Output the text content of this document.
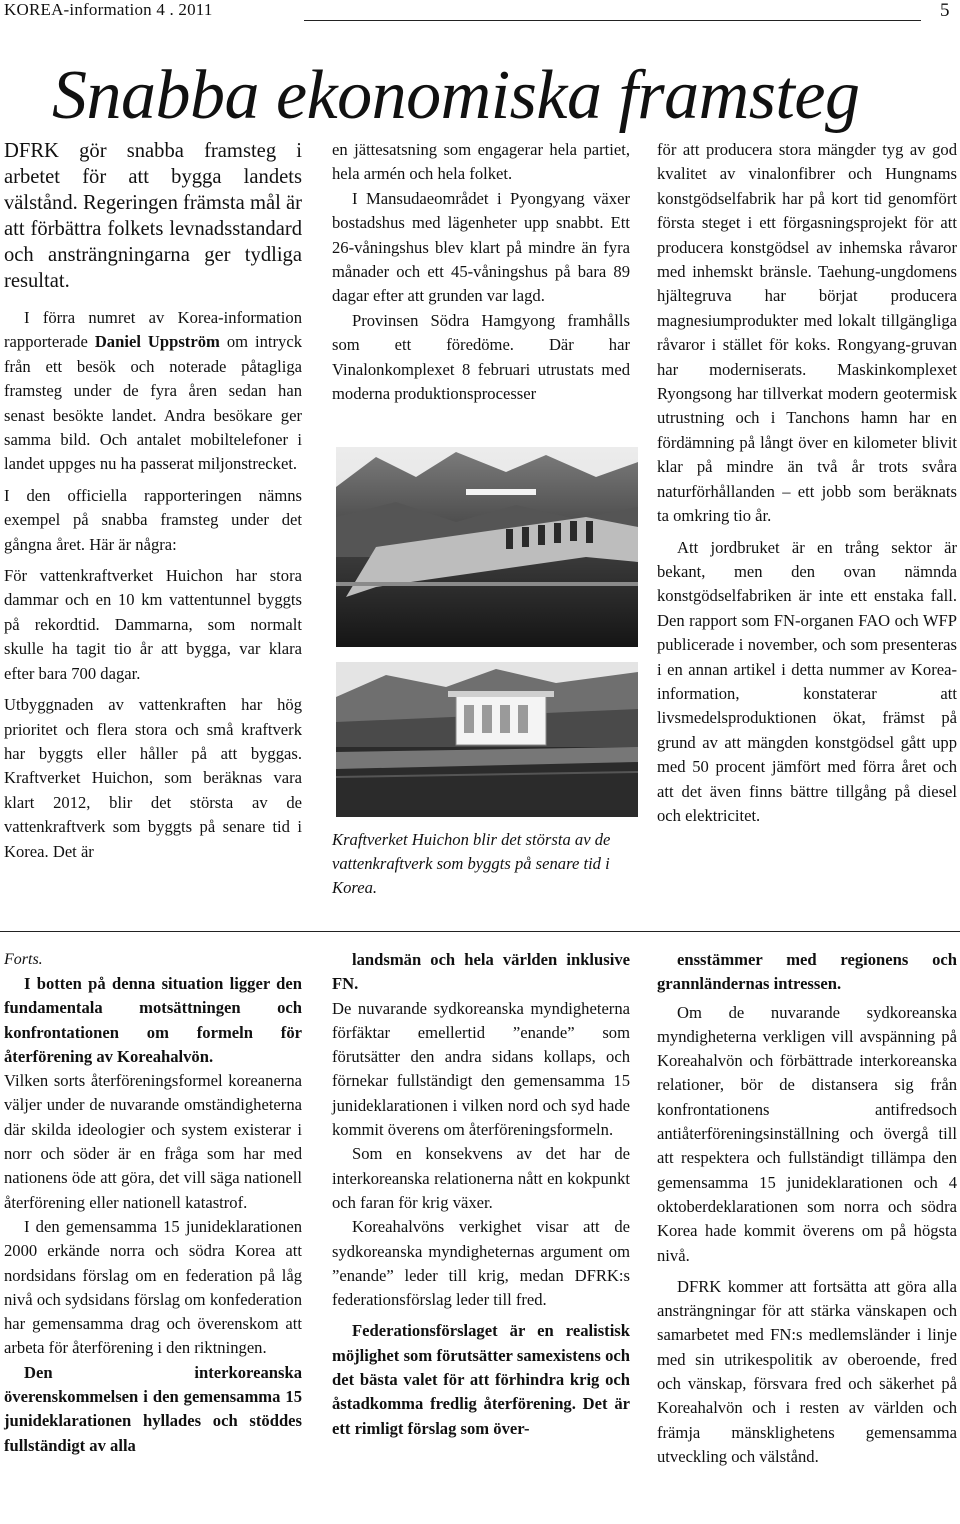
KOREA-information 4 . 2011	5
Snabba ekonomiska framsteg

DFRK gör snabba framsteg i arbetet för att bygga landets välstånd. Regeringen främsta mål är att förbättra folkets levnadsstandard och ansträngningarna ger tydliga resultat.

I förra numret av Korea-information rapporterade Daniel Uppström om intryck från ett besök och noterade påtagliga framsteg under de fyra åren sedan han senast besökte landet. Andra besökare ger samma bild. Och antalet mobiltelefoner i landet uppges nu ha passerat miljonstrecket.

I den officiella rapporteringen nämns exempel på snabba framsteg under det gångna året. Här är några:

För vattenkraftverket Huichon har stora dammar och en 10 km vattentunnel byggts på rekordtid. Dammarna, som normalt skulle ha tagit tio år att bygga, var klara efter bara 700 dagar.

Utbyggnaden av vattenkraften har hög prioritet och flera stora och små kraftverk har byggts eller håller på att byggas. Kraftverket Huichon, som beräknas vara klart 2012, blir det största av de vattenkraftverk som byggts på senare tid i Korea. Det är

en jättesatsning som engagerar hela partiet, hela armén och hela folket.

I Mansudaeområdet i Pyongyang växer bostadshus med lägenheter upp snabbt. Ett 26-våningshus blev klart på mindre än fyra månader och ett 45-våningshus på bara 89 dagar efter att grunden var lagd.

Provinsen Södra Hamgyong framhålls som ett föredöme. Där har Vinalonkomplexet 8 februari utrustats med moderna produktionsprocesser

Kraftverket Huichon blir det största av de vattenkraftverk som byggts på senare tid i Korea.

för att producera stora mängder tyg av god kvalitet av vinalonfibrer och Hungnams konstgödselfabrik har på kort tid genomfört första steget i ett förgasningsprojekt för att producera konstgödsel av inhemska råvaror med inhemskt bränsle. Taehung-ungdomens hjältegruva har börjat producera magnesiumprodukter med lokalt tillgängliga råvaror i stället för koks. Rongyang-gruvan har moderniserats. Maskinkomplexet Ryongsong har tillverkat modern geotermisk utrustning och i Tanchons hamn har en fördämning på långt över en kilometer blivit klar på mindre än två år trots svåra naturförhållanden – ett jobb som beräknats ta omkring tio år.

Att jordbruket är en trång sektor är bekant, men den ovan nämnda konstgödselfabriken är inte ett enstaka fall. Den rapport som FN-organen FAO och WFP publicerade i november, och som presenteras i en annan artikel i detta nummer av Korea-information, konstaterar att livsmedelsproduktionen ökat, främst på grund av att mängden konstgödsel gått upp med 50 procent jämfört med förra året och att det även finns bättre tillgång på diesel och elektricitet.

Forts.

I botten på denna situation ligger den fundamentala motsättningen och konfrontationen om formeln för återförening av Koreahalvön.

Vilken sorts återföreningsformel koreanerna väljer under de nuvarande omständigheterna där skilda ideologier och system existerar i norr och söder är en fråga som har med nationens öde att göra, det vill säga nationell återförening eller nationell katastrof.

I den gemensamma 15 junideklarationen 2000 erkände norra och södra Korea att nordsidans förslag om en federation på låg nivå och sydsidans förslag om konfederation har gemensamma drag och överenskom att arbeta för återförening i den riktningen.

Den interkoreanska överenskommelsen i den gemensamma 15 junideklarationen hyllades och stöddes fullständigt av alla

landsmän och hela världen inklusive FN.

De nuvarande sydkoreanska myndigheterna förfäktar emellertid ”enande” som förutsätter den andra sidans kollaps, och förnekar fullständigt den gemensamma 15 junideklarationen i vilken nord och syd hade kommit överens om återföreningsformeln.

Som en konsekvens av det har de interkoreanska relationerna nått en kokpunkt och faran för krig växer.

Koreahalvöns verkighet visar att de sydkoreanska myndigheternas argument om ”enande” leder till krig, medan DFRK:s federationsförslag leder till fred.

Federationsförslaget är en realistisk möjlighet som förutsätter samexistens och det bästa valet för att förhindra krig och åstadkomma fredlig återförening. Det är ett rimligt förslag som över-

ensstämmer med regionens och grannländernas intressen.

Om de nuvarande sydkoreanska myndigheterna verkligen vill avspänning på Koreahalvön och förbättrade interkoreanska relationer, bör de distansera sig från konfrontationens antifredsoch antiåterföreningsinställning och övergå till att respektera och fullständigt tillämpa den gemensamma 15 junideklarationen och 4 oktoberdeklarationen som norra och södra Korea hade kommit överens om på högsta nivå.

DFRK kommer att fortsätta att göra alla ansträngningar för att stärka vänskapen och samarbetet med FN:s medlemsländer i linje med sin utrikespolitik av oberoende, fred och vänskap, försvara fred och säkerhet på Koreahalvön och i resten av världen och främja mänsklighetens gemensamma utveckling och välstånd.
